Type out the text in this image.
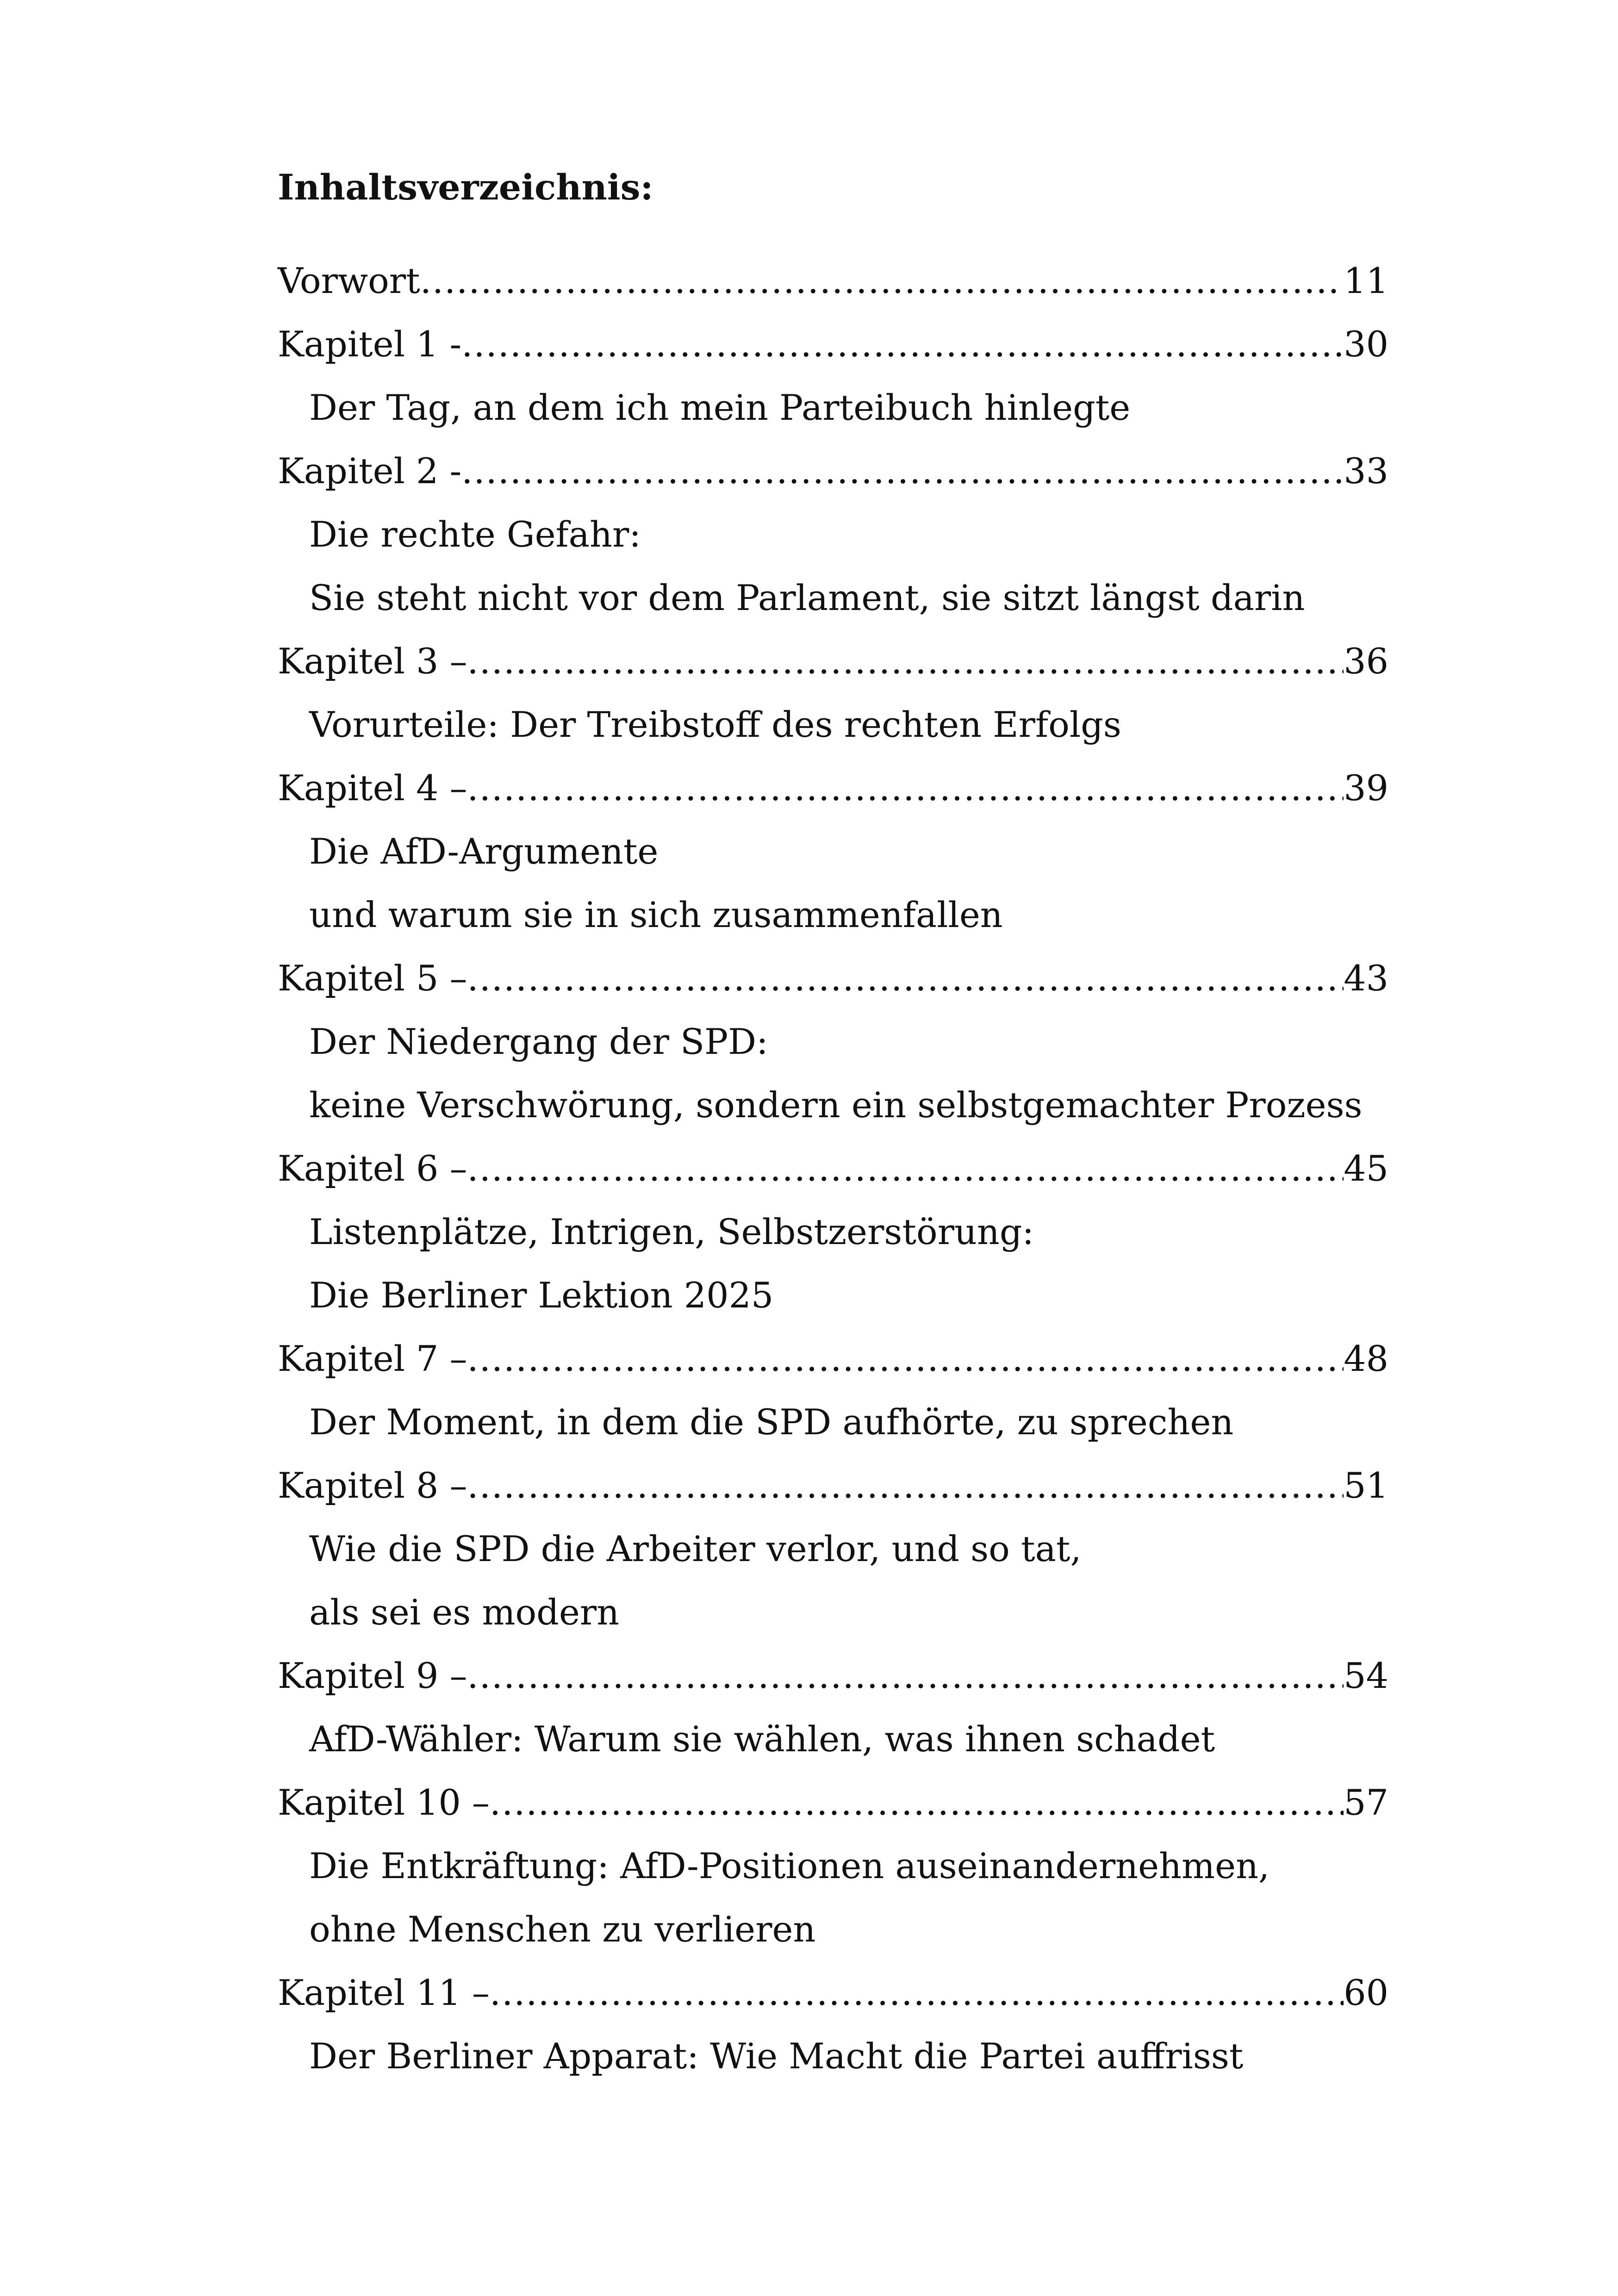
Inhaltsverzeichnis:
Vorwort .....	11
Kapitel 1 - .....	30
Der Tag, an dem ich mein Parteibuch hinlegte
Kapitel 2 - .....	33
Die rechte Gefahr:
Sie steht nicht vor dem Parlament, sie sitzt längst darin
Kapitel 3 – .....	36
Vorurteile: Der Treibstoff des rechten Erfolgs
Kapitel 4 – .....	39
Die AfD-Argumente
und warum sie in sich zusammenfallen
Kapitel 5 – .....	43
Der Niedergang der SPD:
keine Verschwörung, sondern ein selbstgemachter Prozess
Kapitel 6 – .....	45
Listenplätze, Intrigen, Selbstzerstörung:
Die Berliner Lektion 2025
Kapitel 7 – .....	48
Der Moment, in dem die SPD aufhörte, zu sprechen
Kapitel 8 – .....	51
Wie die SPD die Arbeiter verlor, und so tat,
als sei es modern
Kapitel 9 – .....	54
AfD-Wähler: Warum sie wählen, was ihnen schadet
Kapitel 10 – .....	57
Die Entkräftung: AfD-Positionen auseinandernehmen,
ohne Menschen zu verlieren
Kapitel 11 – .....	60
Der Berliner Apparat: Wie Macht die Partei auffrisst
